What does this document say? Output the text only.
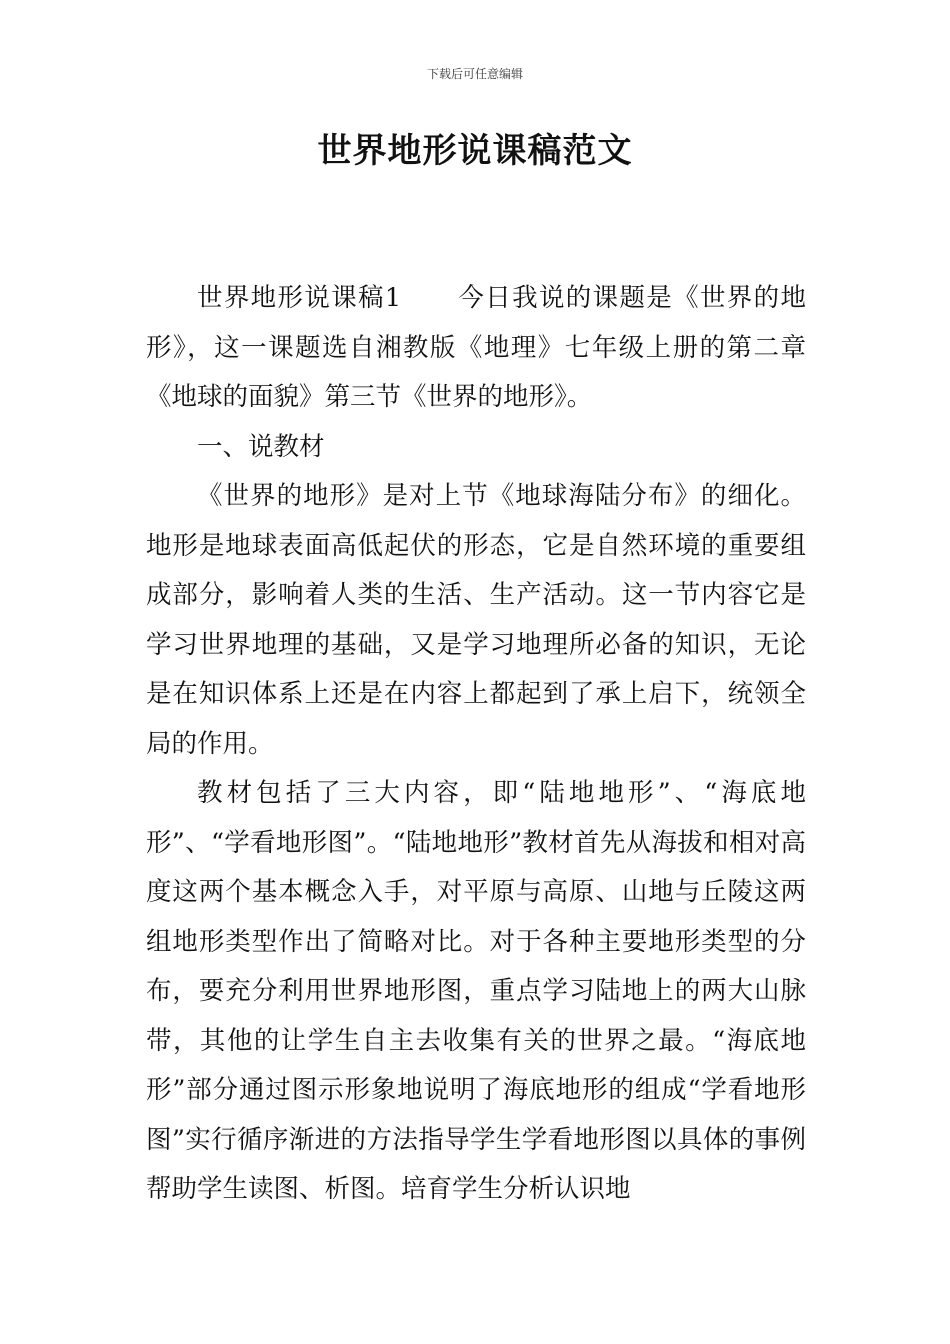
下载后可任意编辑
世界地形说课稿范文

世界地形说课稿1 今日我说的课题是《世界的地形》，这一课题选自湘教版《地理》七年级上册的第二章《地球的面貌》第三节《世界的地形》。

一、说教材

《世界的地形》是对上节《地球海陆分布》的细化。地形是地球表面高低起伏的形态，它是自然环境的重要组成部分，影响着人类的生活、生产活动。这一节内容它是学习世界地理的基础，又是学习地理所必备的知识，无论是在知识体系上还是在内容上都起到了承上启下，统领全局的作用。

教材包括了三大内容，即“陆地地形”、“海底地形”、“学看地形图”。“陆地地形”教材首先从海拔和相对高度这两个基本概念入手，对平原与高原、山地与丘陵这两组地形类型作出了简略对比。对于各种主要地形类型的分布，要充分利用世界地形图，重点学习陆地上的两大山脉带，其他的让学生自主去收集有关的世界之最。“海底地形”部分通过图示形象地说明了海底地形的组成“学看地形图”实行循序渐进的方法指导学生学看地形图以具体的事例帮助学生读图、析图。培育学生分析认识地
